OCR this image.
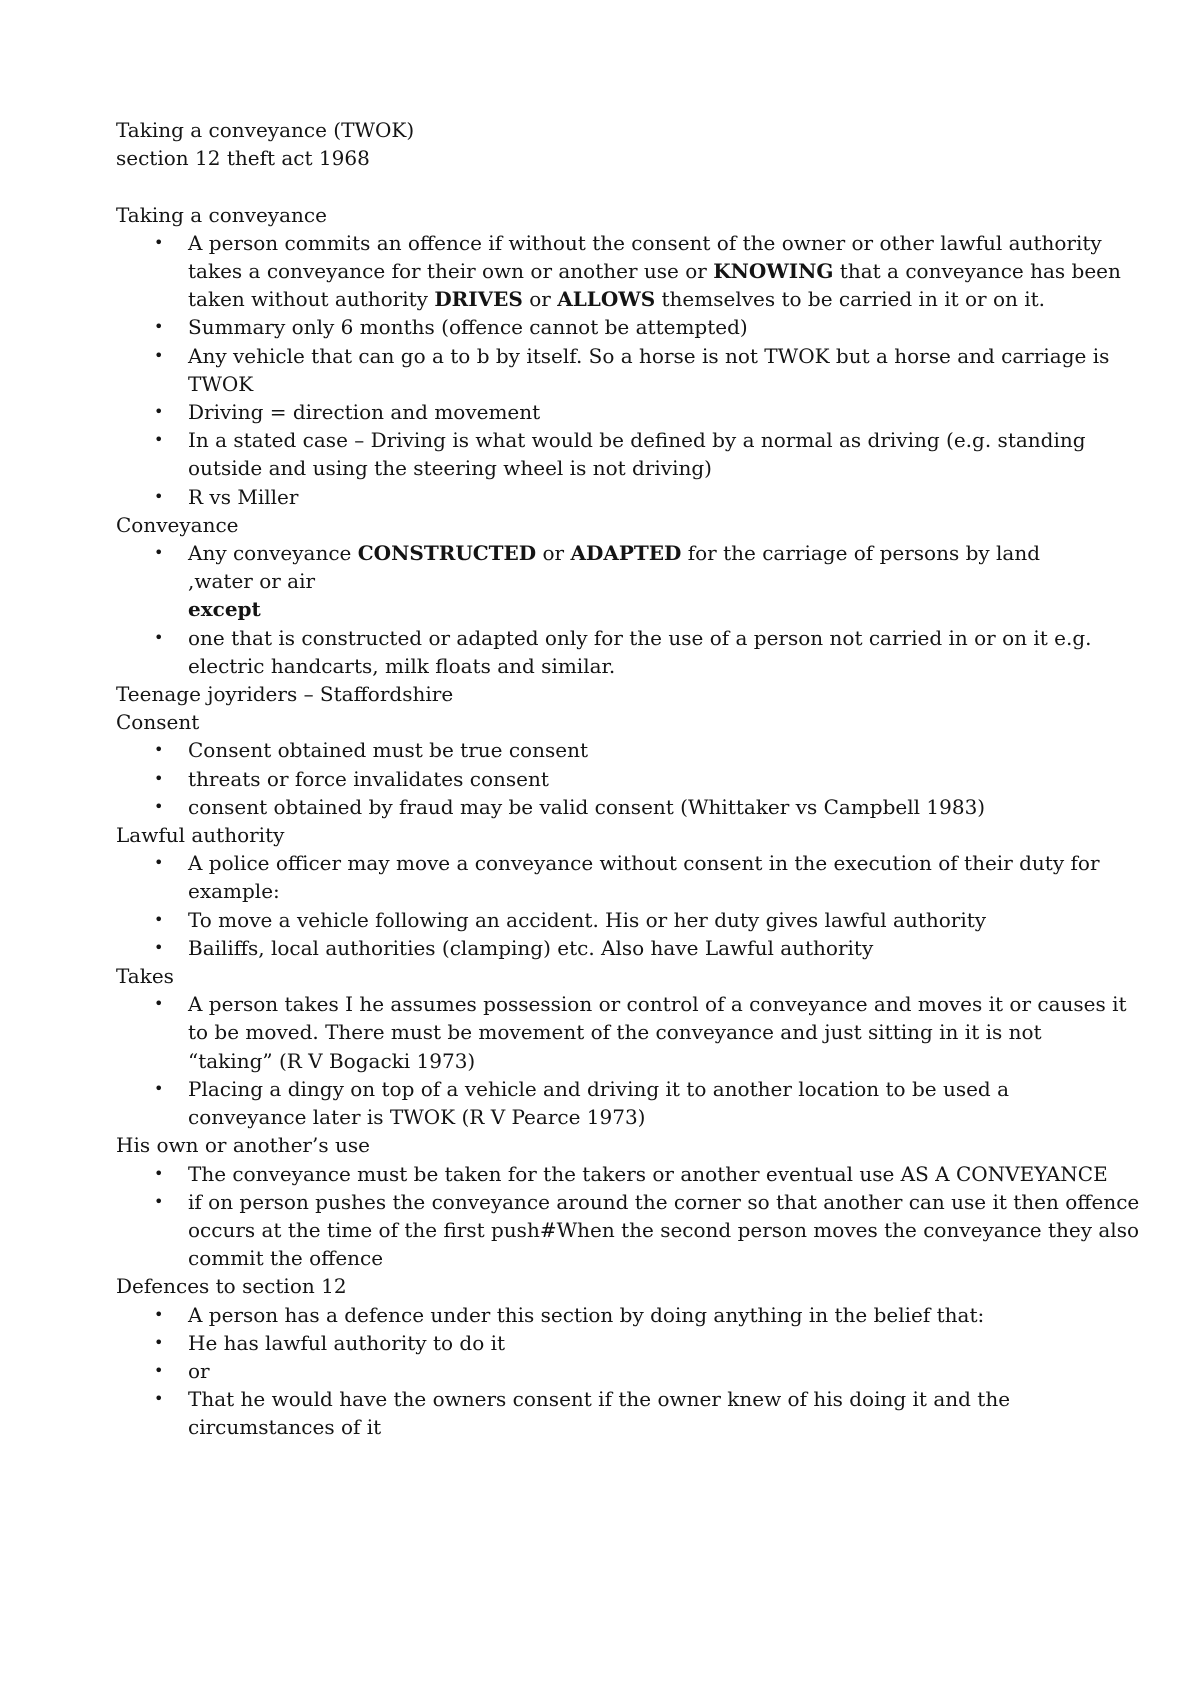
Taking a conveyance (TWOK)

section 12 theft act 1968

Taking a conveyance

• A person commits an offence if without the consent of the owner or other lawful authority
takes a conveyance for their own or another use or KNOWING that a conveyance has been
taken without authority DRIVES or ALLOWS themselves to be carried in it or on it.
• Summary only 6 months (offence cannot be attempted)
• Any vehicle that can go a to b by itself. So a horse is not TWOK but a horse and carriage is
TWOK
• Driving = direction and movement
• In a stated case – Driving is what would be defined by a normal as driving (e.g. standing
outside and using the steering wheel is not driving)
• R vs Miller

Conveyance

• Any conveyance CONSTRUCTED or ADAPTED for the carriage of persons by land
,water or air
except
• one that is constructed or adapted only for the use of a person not carried in or on it e.g.
electric handcarts, milk floats and similar.

Teenage joyriders – Staffordshire

Consent

• Consent obtained must be true consent
• threats or force invalidates consent
• consent obtained by fraud may be valid consent (Whittaker vs Campbell 1983)

Lawful authority

• A police officer may move a conveyance without consent in the execution of their duty for
example:
• To move a vehicle following an accident. His or her duty gives lawful authority
• Bailiffs, local authorities (clamping) etc. Also have Lawful authority

Takes

• A person takes I he assumes possession or control of a conveyance and moves it or causes it
to be moved. There must be movement of the conveyance and just sitting in it is not
“taking” (R V Bogacki 1973)
• Placing a dingy on top of a vehicle and driving it to another location to be used a
conveyance later is TWOK (R V Pearce 1973)

His own or another’s use

• The conveyance must be taken for the takers or another eventual use AS A CONVEYANCE
• if on person pushes the conveyance around the corner so that another can use it then offence
occurs at the time of the first push#When the second person moves the conveyance they also
commit the offence

Defences to section 12

• A person has a defence under this section by doing anything in the belief that:
• He has lawful authority to do it
• or
• That he would have the owners consent if the owner knew of his doing it and the
circumstances of it
